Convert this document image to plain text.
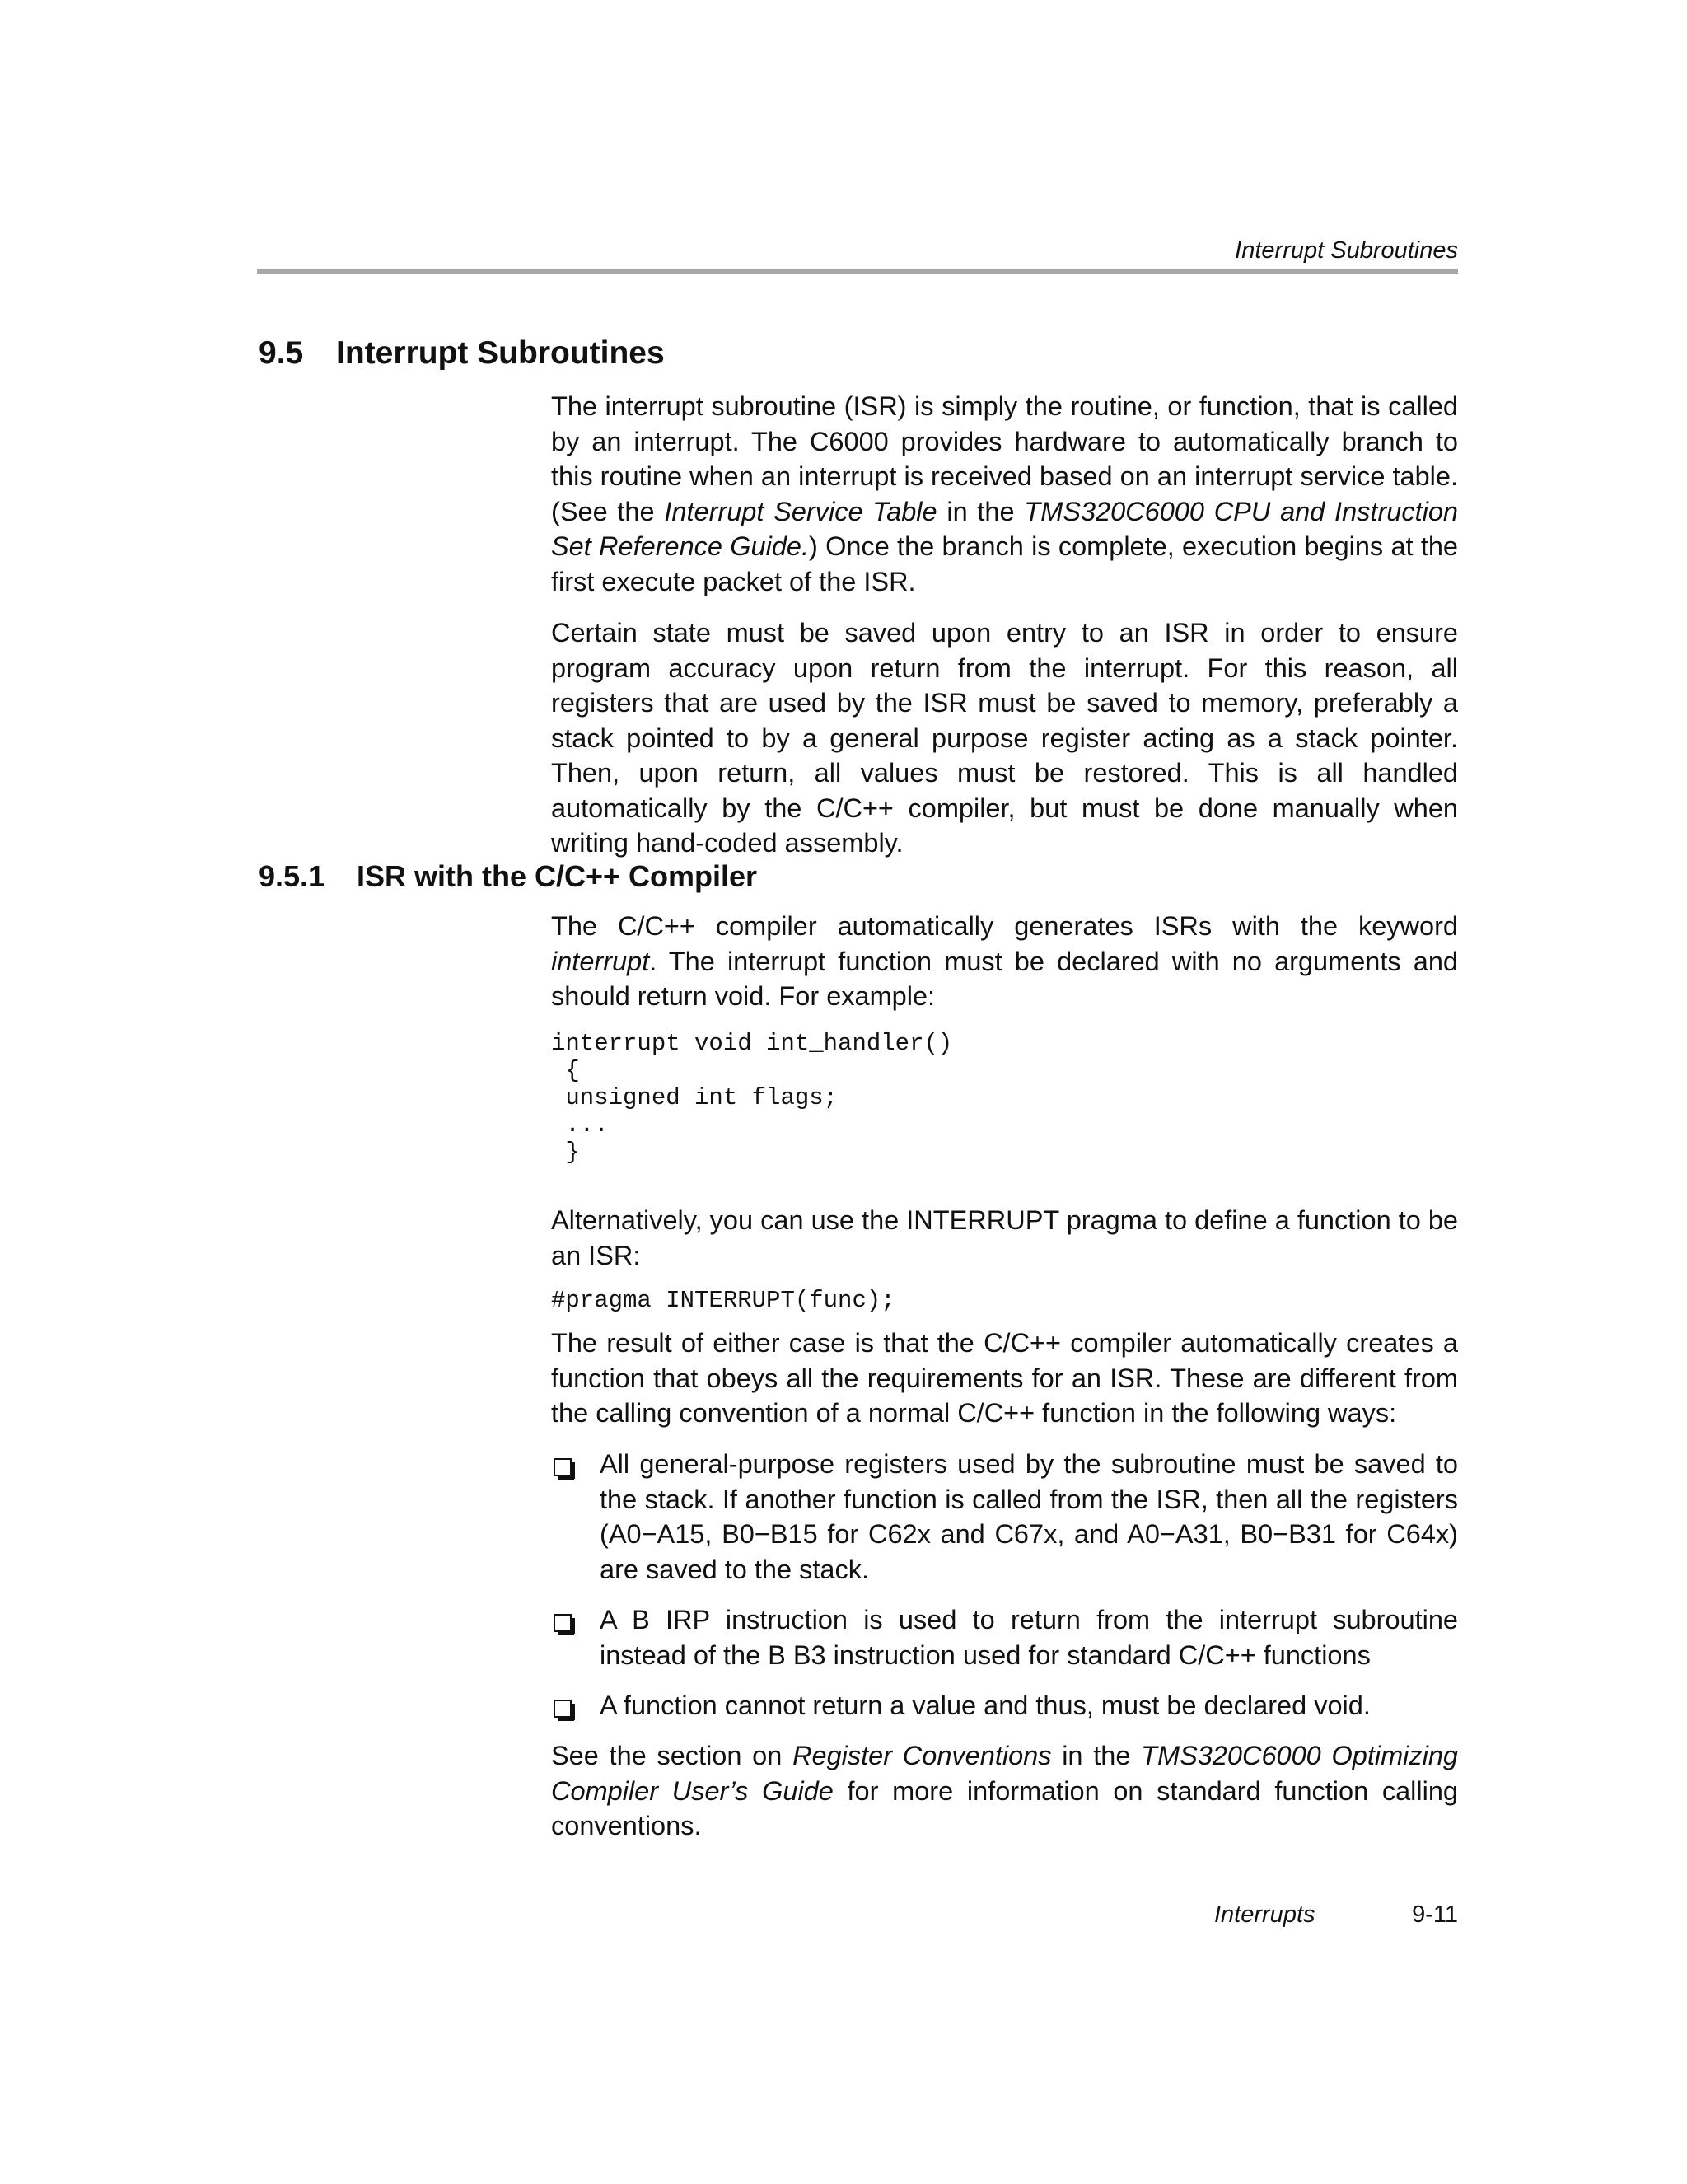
Interrupt Subroutines
9.5 Interrupt Subroutines
The interrupt subroutine (ISR) is simply the routine, or function, that is called by an interrupt. The C6000 provides hardware to automatically branch to this routine when an interrupt is received based on an interrupt service table. (See the Interrupt Service Table in the TMS320C6000 CPU and Instruction Set Reference Guide.) Once the branch is complete, execution begins at the first execute packet of the ISR.
Certain state must be saved upon entry to an ISR in order to ensure program accuracy upon return from the interrupt. For this reason, all registers that are used by the ISR must be saved to memory, preferably a stack pointed to by a general purpose register acting as a stack pointer. Then, upon return, all values must be restored. This is all handled automatically by the C/C++ compiler, but must be done manually when writing hand-coded assembly.
9.5.1 ISR with the C/C++ Compiler
The C/C++ compiler automatically generates ISRs with the keyword interrupt. The interrupt function must be declared with no arguments and should return void. For example:
interrupt void int_handler()
{
unsigned int flags;
...
}
Alternatively, you can use the INTERRUPT pragma to define a function to be an ISR:
#pragma INTERRUPT(func);
The result of either case is that the C/C++ compiler automatically creates a function that obeys all the requirements for an ISR. These are different from the calling convention of a normal C/C++ function in the following ways:
All general-purpose registers used by the subroutine must be saved to the stack. If another function is called from the ISR, then all the registers (A0−A15, B0−B15 for C62x and C67x, and A0−A31, B0−B31 for C64x) are saved to the stack.
A B IRP instruction is used to return from the interrupt subroutine instead of the B B3 instruction used for standard C/C++ functions
A function cannot return a value and thus, must be declared void.
See the section on Register Conventions in the TMS320C6000 Optimizing Compiler User’s Guide for more information on standard function calling conventions.
Interrupts	9-11
